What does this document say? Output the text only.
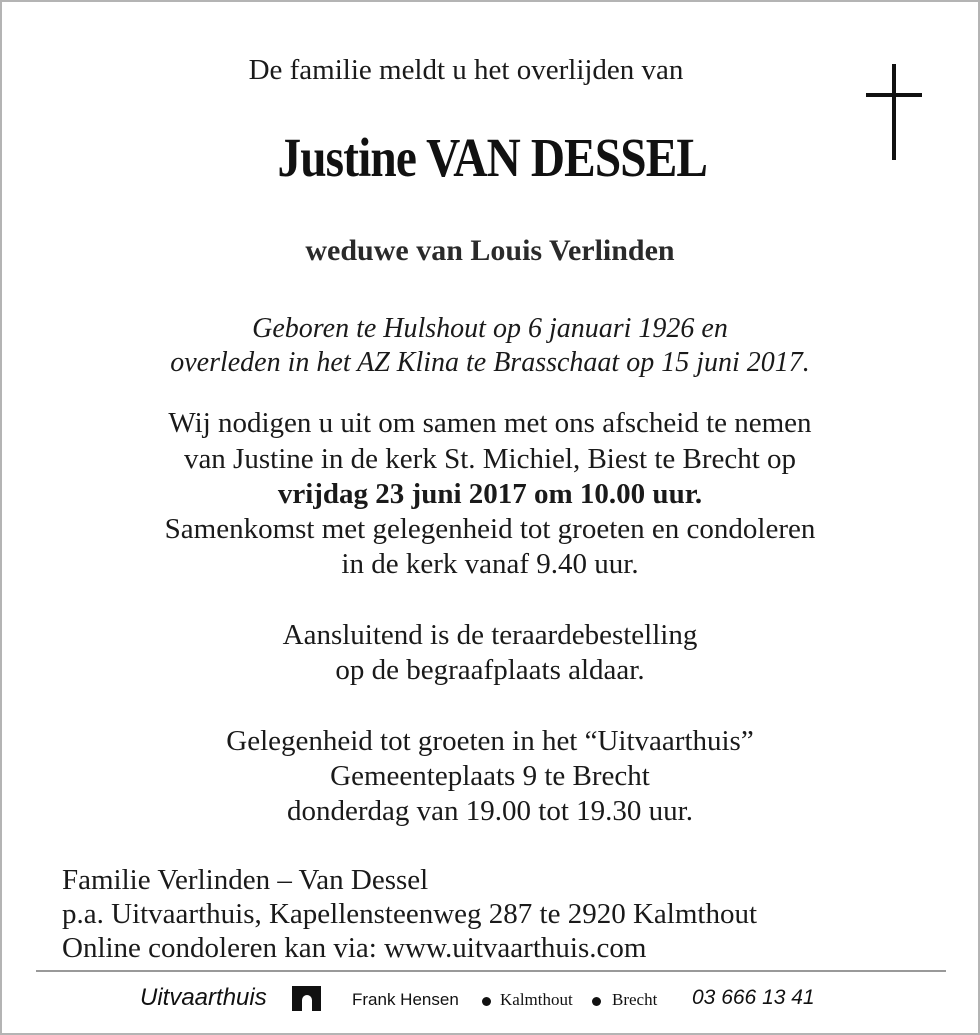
De familie meldt u het overlijden van
Justine VAN DESSEL
weduwe van Louis Verlinden
Geboren te Hulshout op 6 januari 1926 en
overleden in het AZ Klina te Brasschaat op 15 juni 2017.
Wij nodigen u uit om samen met ons afscheid te nemen
van Justine in de kerk St. Michiel, Biest te Brecht op
vrijdag 23 juni 2017 om 10.00 uur.
Samenkomst met gelegenheid tot groeten en condoleren
in de kerk vanaf 9.40 uur.
Aansluitend is de teraardebestelling
op de begraafplaats aldaar.
Gelegenheid tot groeten in het “Uitvaarthuis”
Gemeenteplaats 9 te Brecht
donderdag van 19.00 tot 19.30 uur.
Familie Verlinden – Van Dessel
p.a. Uitvaarthuis, Kapellensteenweg 287 te 2920 Kalmthout
Online condoleren kan via: www.uitvaarthuis.com
Uitvaarthuis	Frank Hensen Kalmthout Brecht 03 666 13 41
